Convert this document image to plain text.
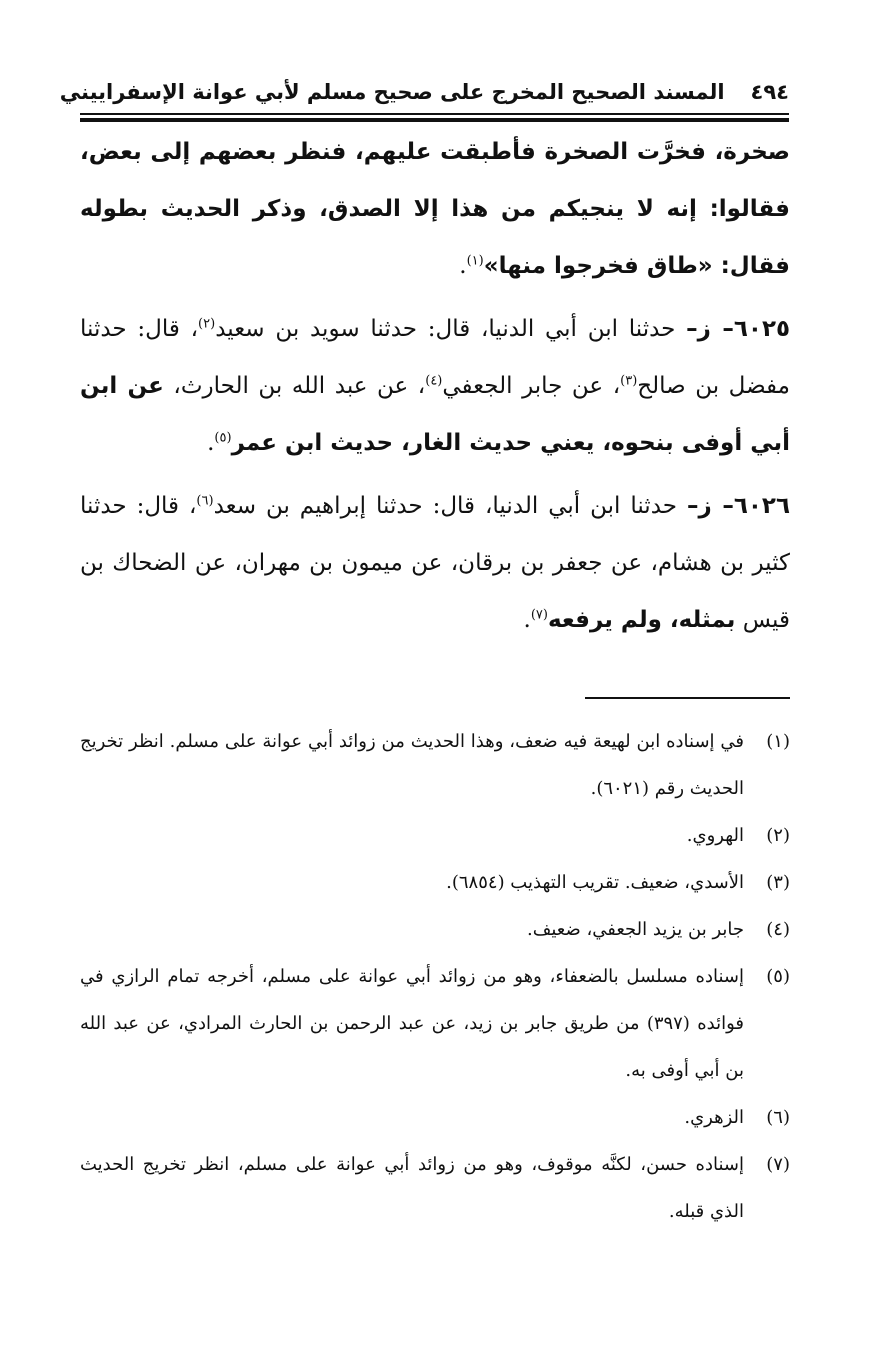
٤٩٤
المسند الصحيح المخرج على صحيح مسلم لأبي عوانة الإسفراييني

صخرة، فخرَّت الصخرة فأطبقت عليهم، فنظر بعضهم إلى بعض، فقالوا: إنه لا ينجيكم من هذا إلا الصدق، وذكر الحديث بطوله فقال: «طاق فخرجوا منها»$^{(١)}$.

٦٠٢٥– ز– حدثنا ابن أبي الدنيا، قال: حدثنا سويد بن سعيد$^{(٢)}$، قال: حدثنا مفضل بن صالح$^{(٣)}$، عن جابر الجعفي$^{(٤)}$، عن عبد الله بن الحارث، عن ابن أبي أوفى بنحوه، يعني حديث الغار، حديث ابن عمر$^{(٥)}$.

٦٠٢٦– ز– حدثنا ابن أبي الدنيا، قال: حدثنا إبراهيم بن سعد$^{(٦)}$، قال: حدثنا كثير بن هشام، عن جعفر بن برقان، عن ميمون بن مهران، عن الضحاك بن قيس بمثله، ولم يرفعه$^{(٧)}$.

(١)
في إسناده ابن لهيعة فيه ضعف، وهذا الحديث من زوائد أبي عوانة على مسلم. انظر تخريج الحديث رقم (٦٠٢١).

(٢)
الهروي.

(٣)
الأسدي، ضعيف. تقريب التهذيب (٦٨٥٤).

(٤)
جابر بن يزيد الجعفي، ضعيف.

(٥)
إسناده مسلسل بالضعفاء، وهو من زوائد أبي عوانة على مسلم، أخرجه تمام الرازي في فوائده (٣٩٧) من طريق جابر بن زيد، عن عبد الرحمن بن الحارث المرادي، عن عبد الله بن أبي أوفى به.

(٦)
الزهري.

(٧)
إسناده حسن، لكنَّه موقوف، وهو من زوائد أبي عوانة على مسلم، انظر تخريج الحديث الذي قبله.
